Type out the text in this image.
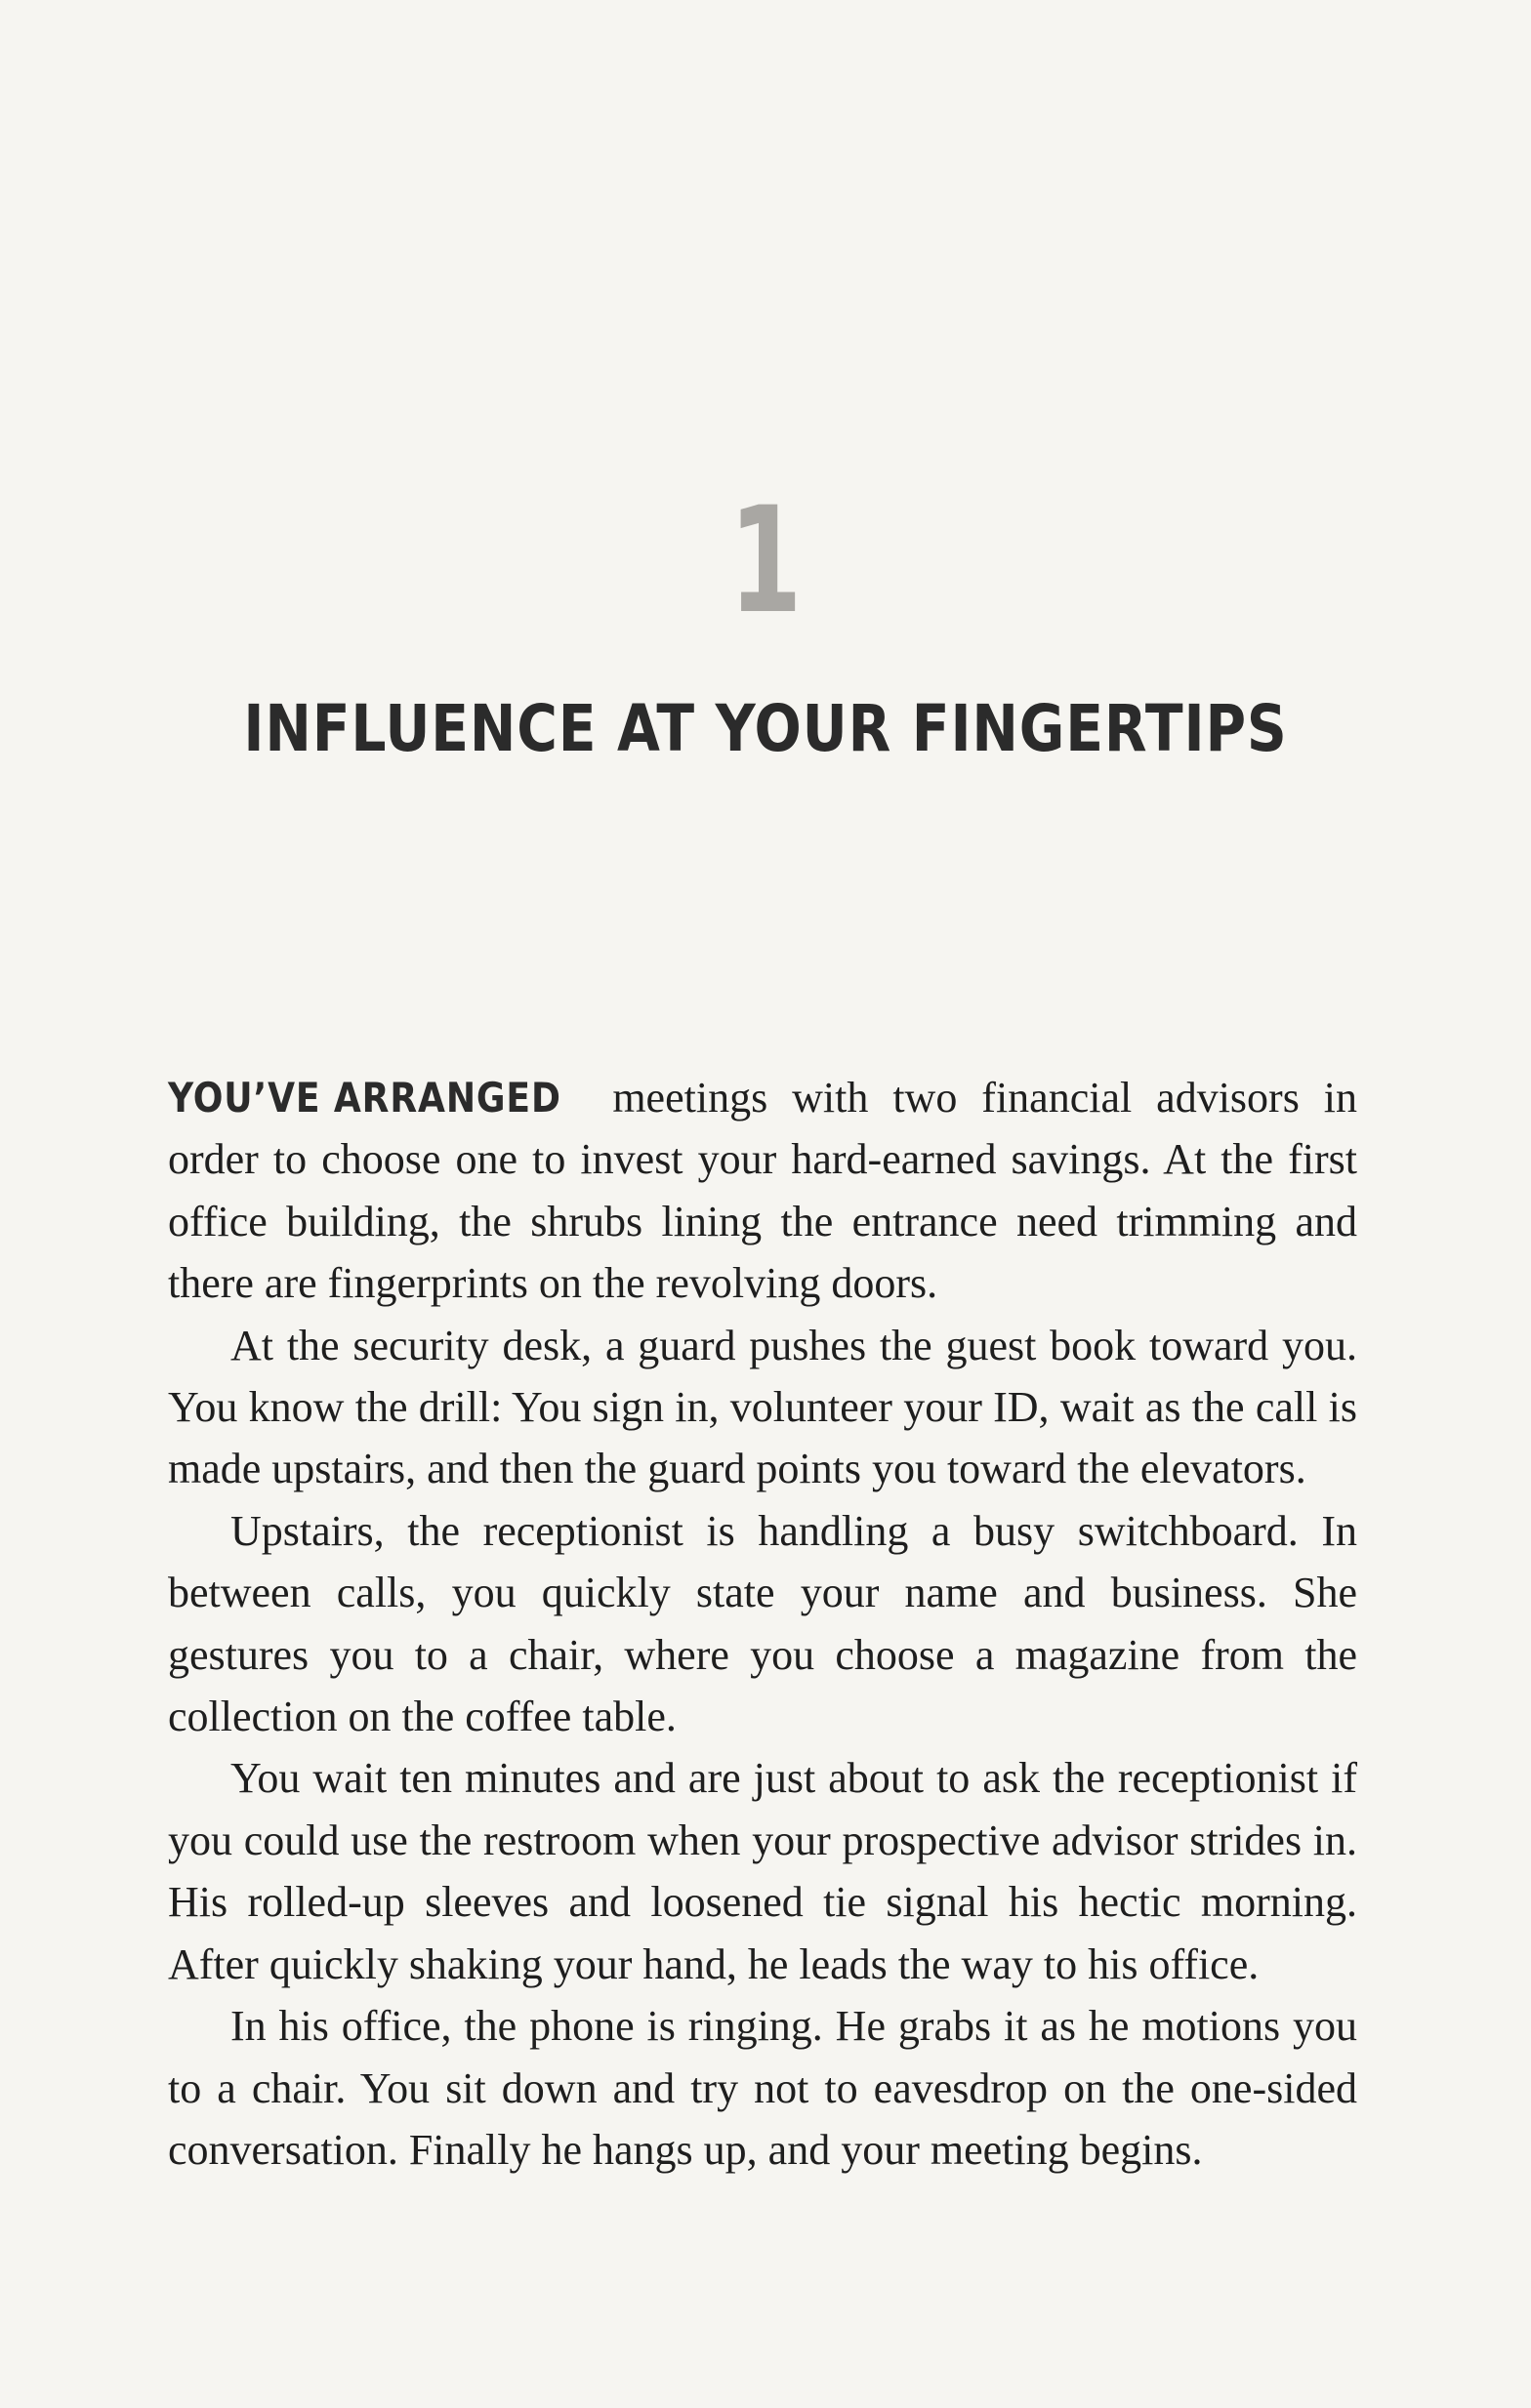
1
INFLUENCE AT YOUR FINGERTIPS

YOU’VE ARRANGED meetings with two financial advisors in order to choose one to invest your hard-earned savings. At the first office building, the shrubs lining the entrance need trimming and there are fingerprints on the revolving doors.

At the security desk, a guard pushes the guest book toward you. You know the drill: You sign in, volunteer your ID, wait as the call is made upstairs, and then the guard points you toward the elevators.

Upstairs, the receptionist is handling a busy switchboard. In between calls, you quickly state your name and business. She gestures you to a chair, where you choose a magazine from the collection on the coffee table.

You wait ten minutes and are just about to ask the receptionist if you could use the restroom when your prospective advisor strides in. His rolled-up sleeves and loosened tie signal his hectic morning. After quickly shaking your hand, he leads the way to his office.

In his office, the phone is ringing. He grabs it as he motions you to a chair. You sit down and try not to eavesdrop on the one-sided conversation. Finally he hangs up, and your meeting begins.
